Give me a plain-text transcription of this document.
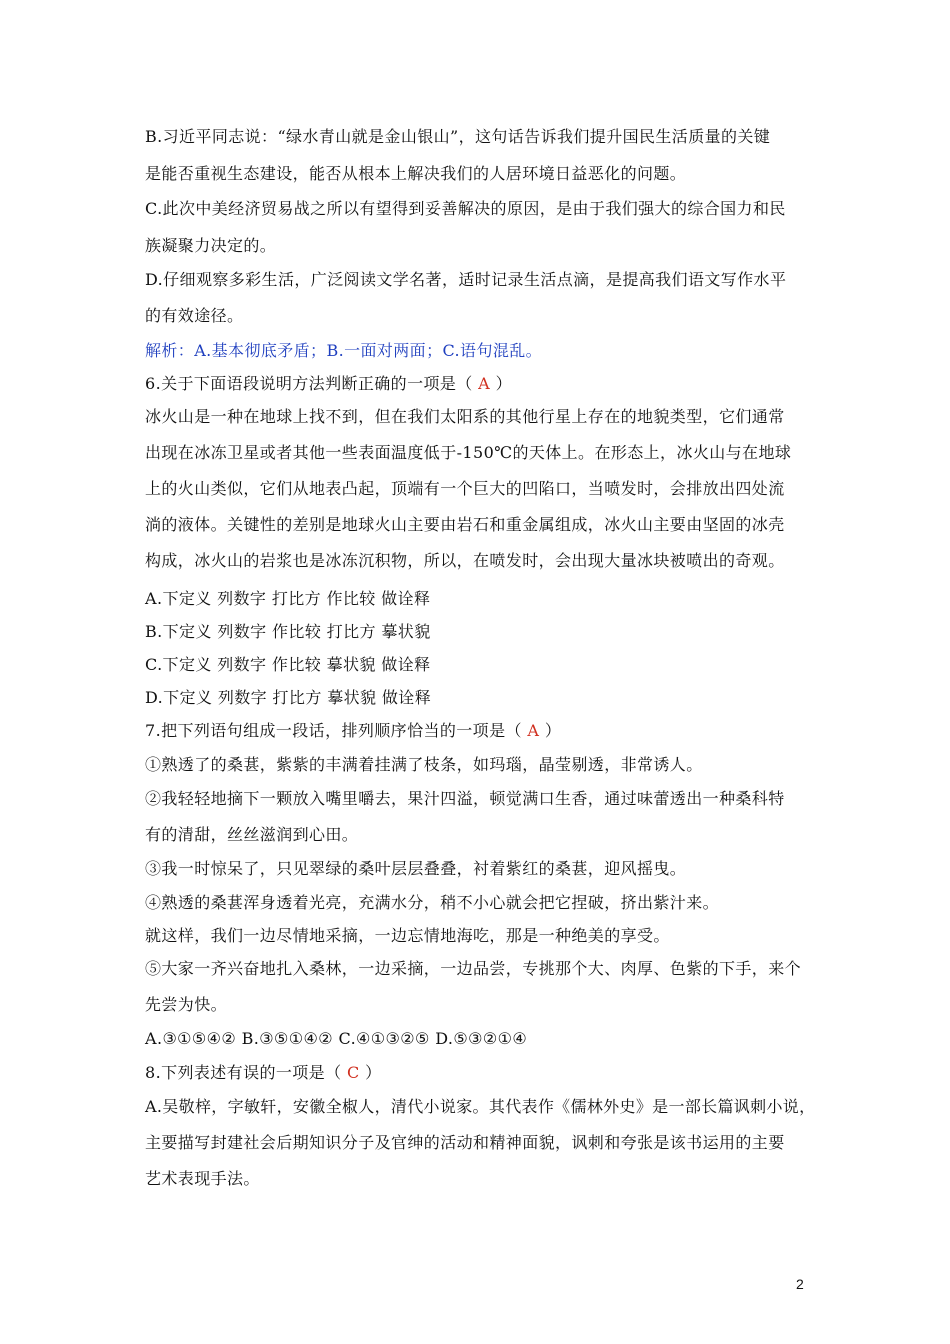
B.习近平同志说：“绿水青山就是金山银山”，这句话告诉我们提升国民生活质量的关键
是能否重视生态建设，能否从根本上解决我们的人居环境日益恶化的问题。
C.此次中美经济贸易战之所以有望得到妥善解决的原因，是由于我们强大的综合国力和民
族凝聚力决定的。
D.仔细观察多彩生活，广泛阅读文学名著，适时记录生活点滴，是提高我们语文写作水平
的有效途径。
解析：A.基本彻底矛盾；B.一面对两面；C.语句混乱。
6.关于下面语段说明方法判断正确的一项是（ A ）
冰火山是一种在地球上找不到，但在我们太阳系的其他行星上存在的地貌类型，它们通常
出现在冰冻卫星或者其他一些表面温度低于-150℃的天体上。在形态上，冰火山与在地球
上的火山类似，它们从地表凸起，顶端有一个巨大的凹陷口，当喷发时，会排放出四处流
淌的液体。关键性的差别是地球火山主要由岩石和重金属组成，冰火山主要由坚固的冰壳
构成，冰火山的岩浆也是冰冻沉积物，所以，在喷发时，会出现大量冰块被喷出的奇观。
A.下定义 列数字 打比方 作比较 做诠释
B.下定义 列数字 作比较 打比方 摹状貌
C.下定义 列数字 作比较 摹状貌 做诠释
D.下定义 列数字 打比方 摹状貌 做诠释
7.把下列语句组成一段话，排列顺序恰当的一项是（ A ）
①熟透了的桑葚，紫紫的丰满着挂满了枝条，如玛瑙，晶莹剔透，非常诱人。
②我轻轻地摘下一颗放入嘴里嚼去，果汁四溢，顿觉满口生香，通过味蕾透出一种桑科特
有的清甜，丝丝滋润到心田。
③我一时惊呆了，只见翠绿的桑叶层层叠叠，衬着紫红的桑葚，迎风摇曳。
④熟透的桑葚浑身透着光亮，充满水分，稍不小心就会把它捏破，挤出紫汁来。
就这样，我们一边尽情地采摘，一边忘情地海吃，那是一种绝美的享受。
⑤大家一齐兴奋地扎入桑林，一边采摘，一边品尝，专挑那个大、肉厚、色紫的下手，来个
先尝为快。
A.③①⑤④② B.③⑤①④② C.④①③②⑤ D.⑤③②①④
8.下列表述有误的一项是（ C ）
A.吴敬梓，字敏轩，安徽全椒人，清代小说家。其代表作《儒林外史》是一部长篇讽刺小说，
主要描写封建社会后期知识分子及官绅的活动和精神面貌，讽刺和夸张是该书运用的主要
艺术表现手法。
2
